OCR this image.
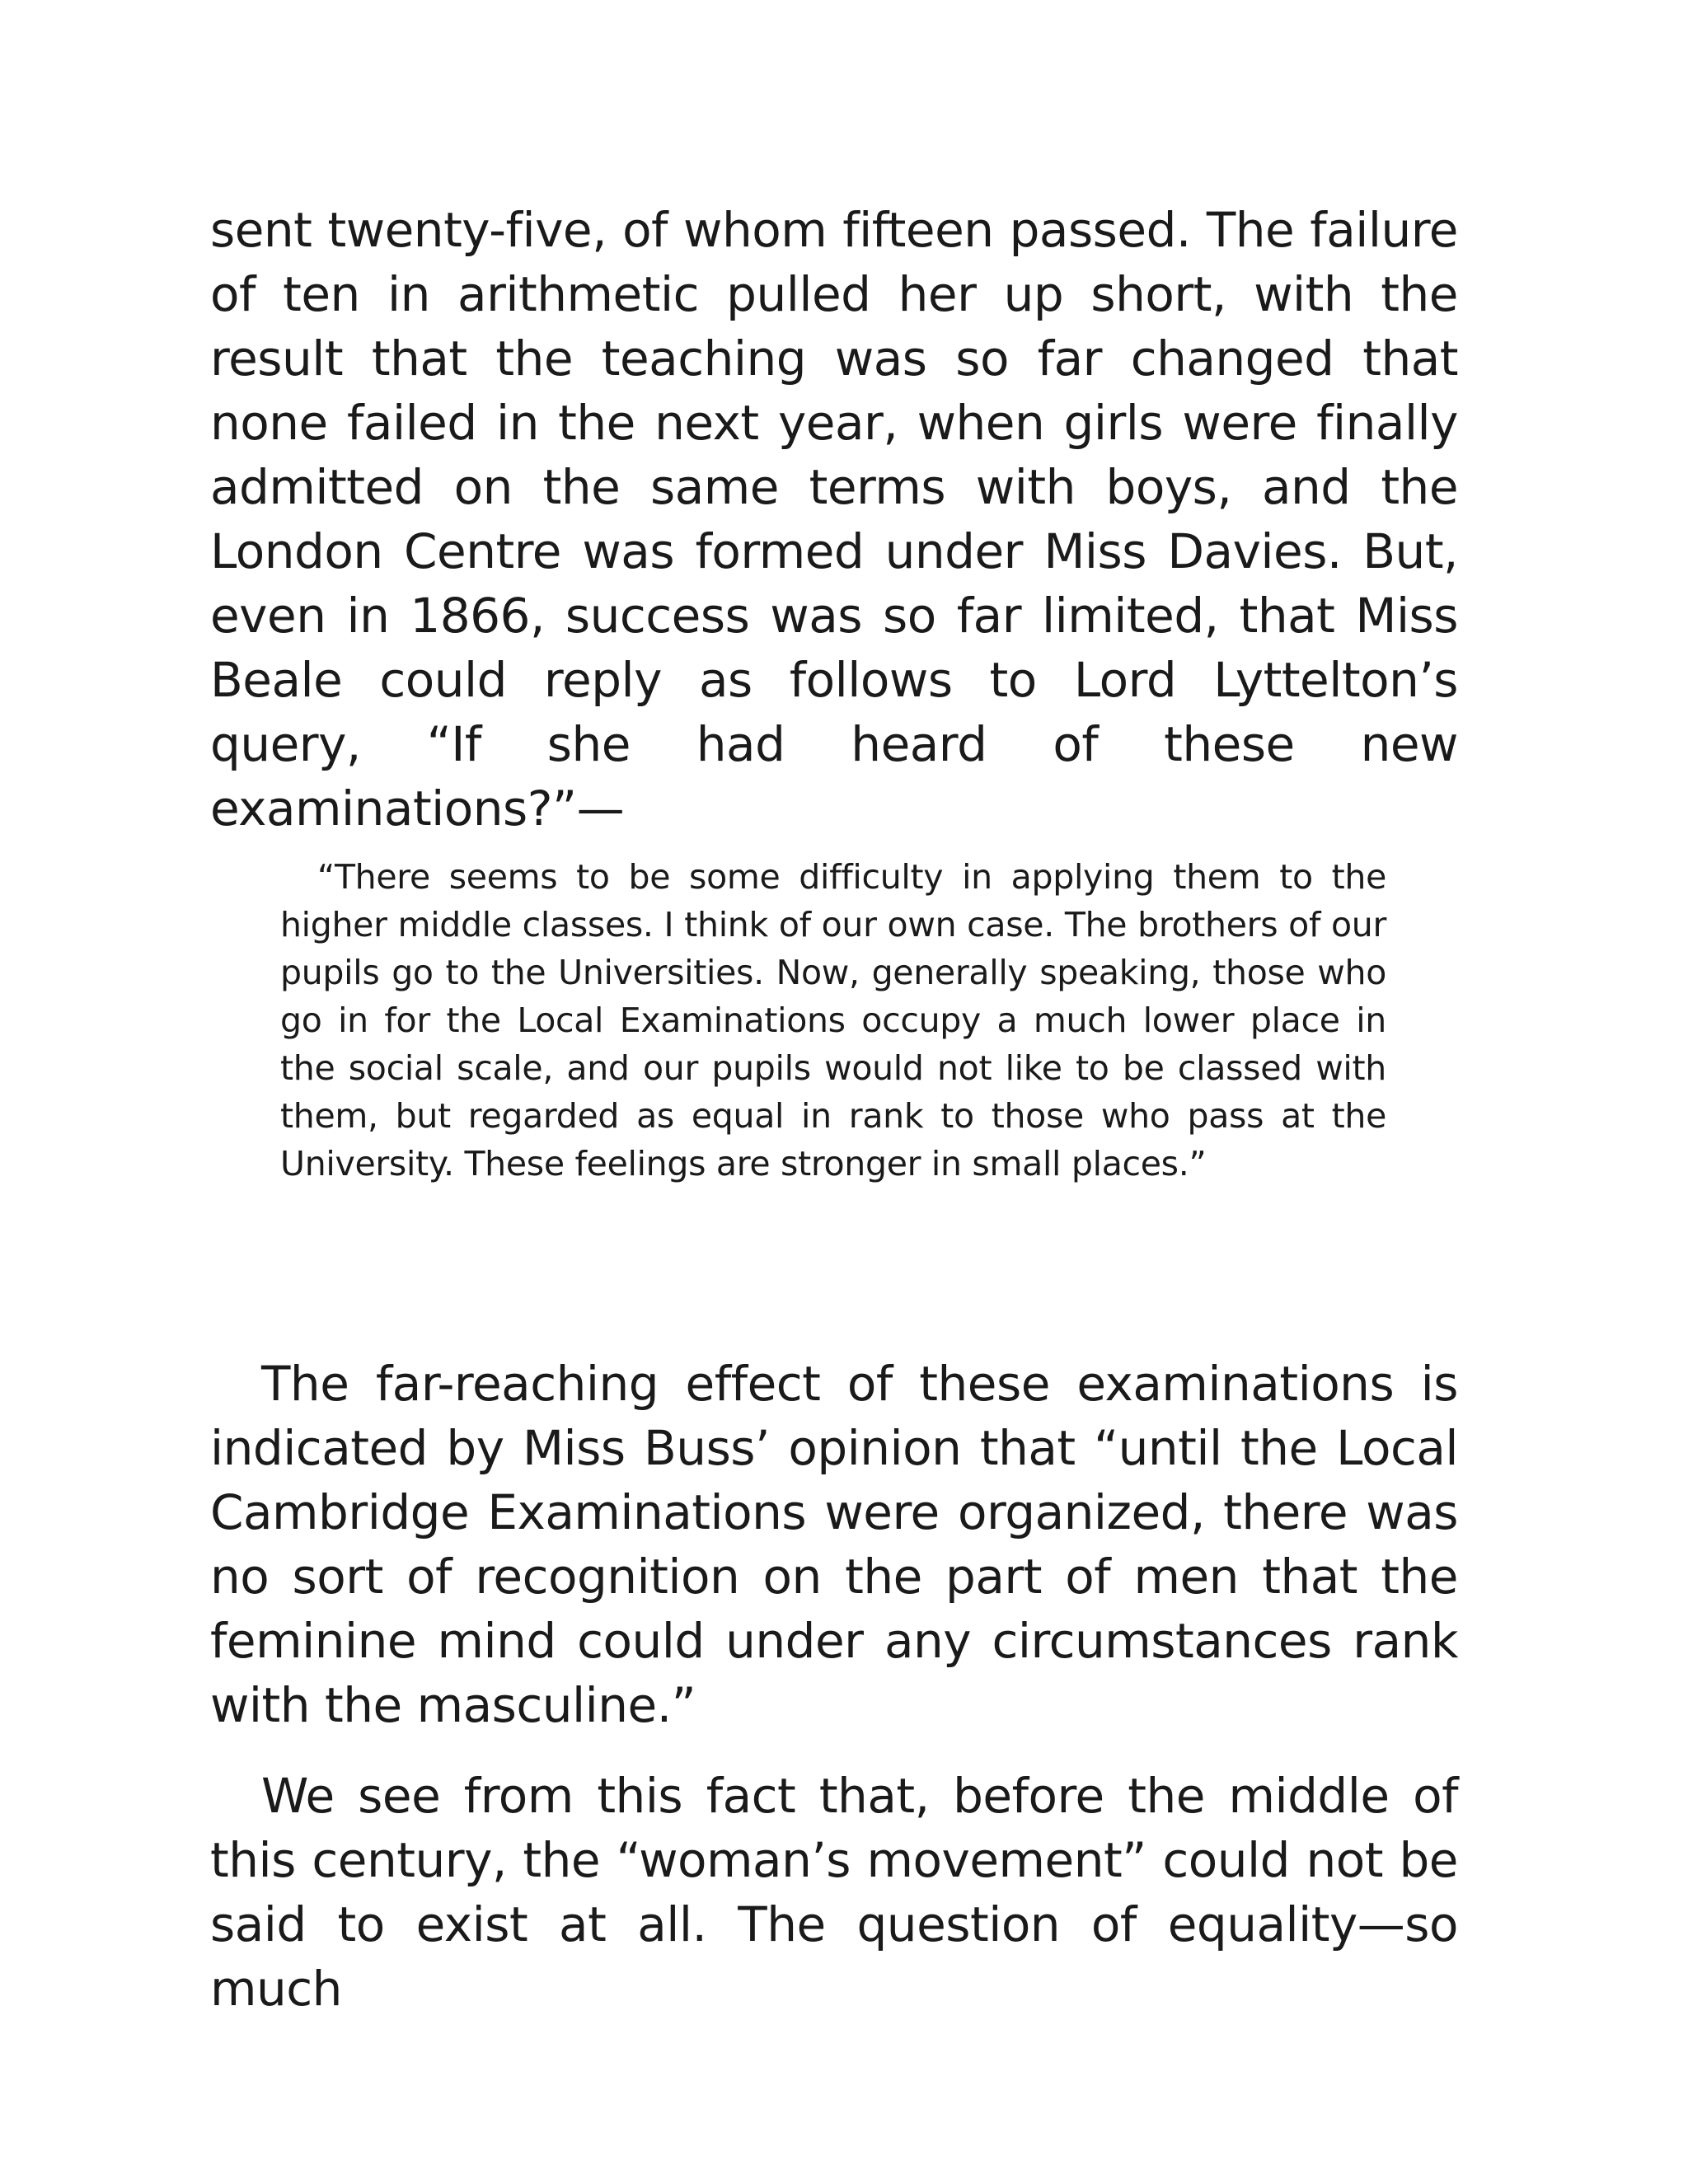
sent twenty-five, of whom fifteen passed. The failure of ten in arithmetic pulled her up short, with the result that the teaching was so far changed that none failed in the next year, when girls were finally admitted on the same terms with boys, and the London Centre was formed under Miss Davies. But, even in 1866, success was so far limited, that Miss Beale could reply as follows to Lord Lyttelton’s query, “If she had heard of these new examinations?”—

“There seems to be some difficulty in applying them to the higher middle classes. I think of our own case. The brothers of our pupils go to the Universities. Now, generally speaking, those who go in for the Local Examinations occupy a much lower place in the social scale, and our pupils would not like to be classed with them, but regarded as equal in rank to those who pass at the University. These feelings are stronger in small places.”

The far-reaching effect of these examinations is indicated by Miss Buss’ opinion that “until the Local Cambridge Examinations were organized, there was no sort of recognition on the part of men that the feminine mind could under any circumstances rank with the masculine.”

We see from this fact that, before the middle of this century, the “woman’s movement” could not be said to exist at all. The question of equality—so much
